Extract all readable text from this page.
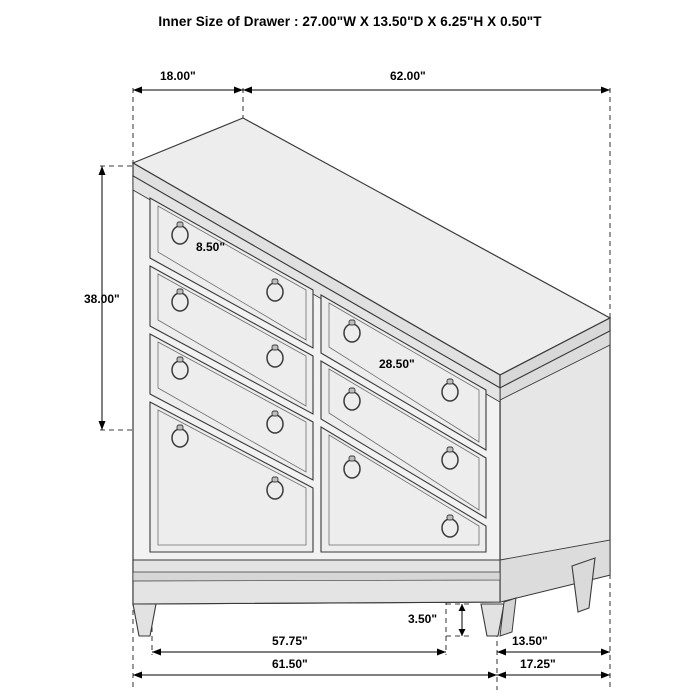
Inner Size of Drawer : 27.00"W X 13.50"D X 6.25"H X 0.50"T
18.00"	62.00"
8.50"
38.00"
28.50"
3.50"
57.75"	13.50"
61.50"	17.25"
